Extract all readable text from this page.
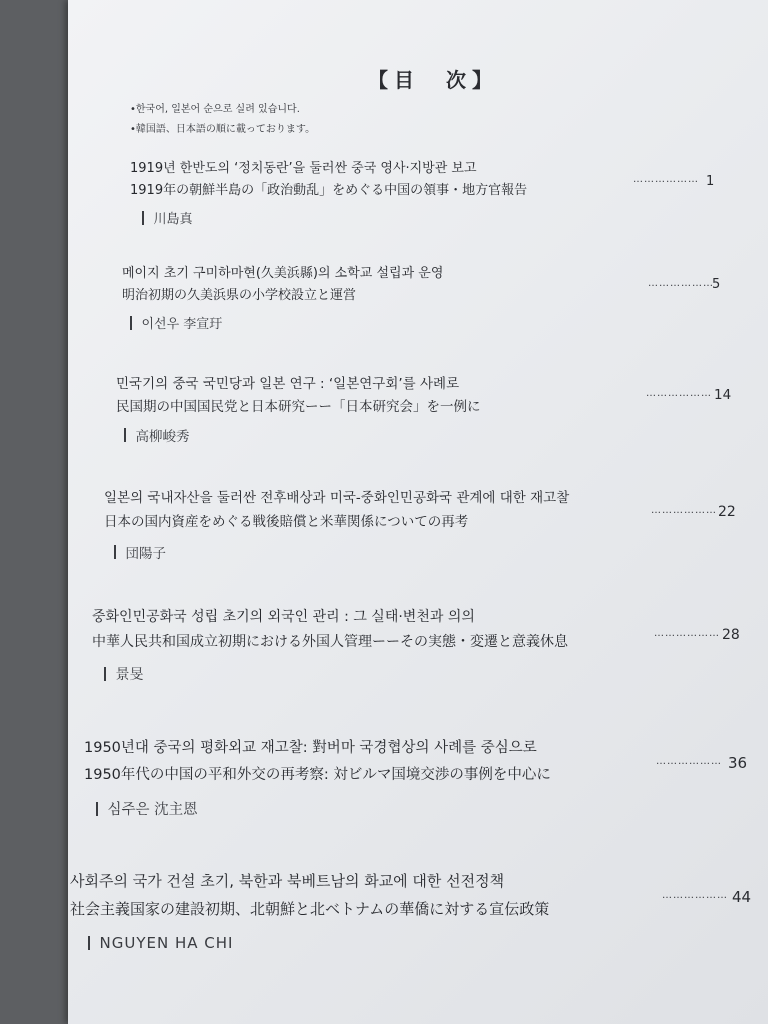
【目　次】
•한국어, 일본어 순으로 실려 있습니다.
•韓国語、日本語の順に載っております。
1919년 한반도의 ‘정치동란’을 둘러싼 중국 영사·지방관 보고
1919年の朝鮮半島の「政治動乱」をめぐる中国の領事・地方官報告
川島真
……………… 1
메이지 초기 구미하마현(久美浜縣)의 소학교 설립과 운영
明治初期の久美浜県の小学校設立と運営
이선우 李宣玗
………………
5
민국기의 중국 국민당과 일본 연구 : ‘일본연구회’를 사례로
民国期の中国国民党と日本研究ーー「日本研究会」を一例に
高柳峻秀
……………… 14
일본의 국내자산을 둘러싼 전후배상과 미국-중화인민공화국 관계에 대한 재고찰
日本の国内資産をめぐる戦後賠償と米華関係についての再考
団陽子
……………… 22
중화인민공화국 성립 초기의 외국인 관리 : 그 실태·변천과 의의
中華人民共和国成立初期における外国人管理ーーその実態・変遷と意義休息
景旻
……………… 28
1950년대 중국의 평화외교 재고찰: 對버마 국경협상의 사례를 중심으로
1950年代の中国の平和外交の再考察: 対ビルマ国境交渉の事例を中心に
심주은 沈主恩
……………… 36
사회주의 국가 건설 초기, 북한과 북베트남의 화교에 대한 선전정책
社会主義国家の建設初期、北朝鮮と北ベトナムの華僑に対する宣伝政策
NGUYEN HA CHI
……………… 44
